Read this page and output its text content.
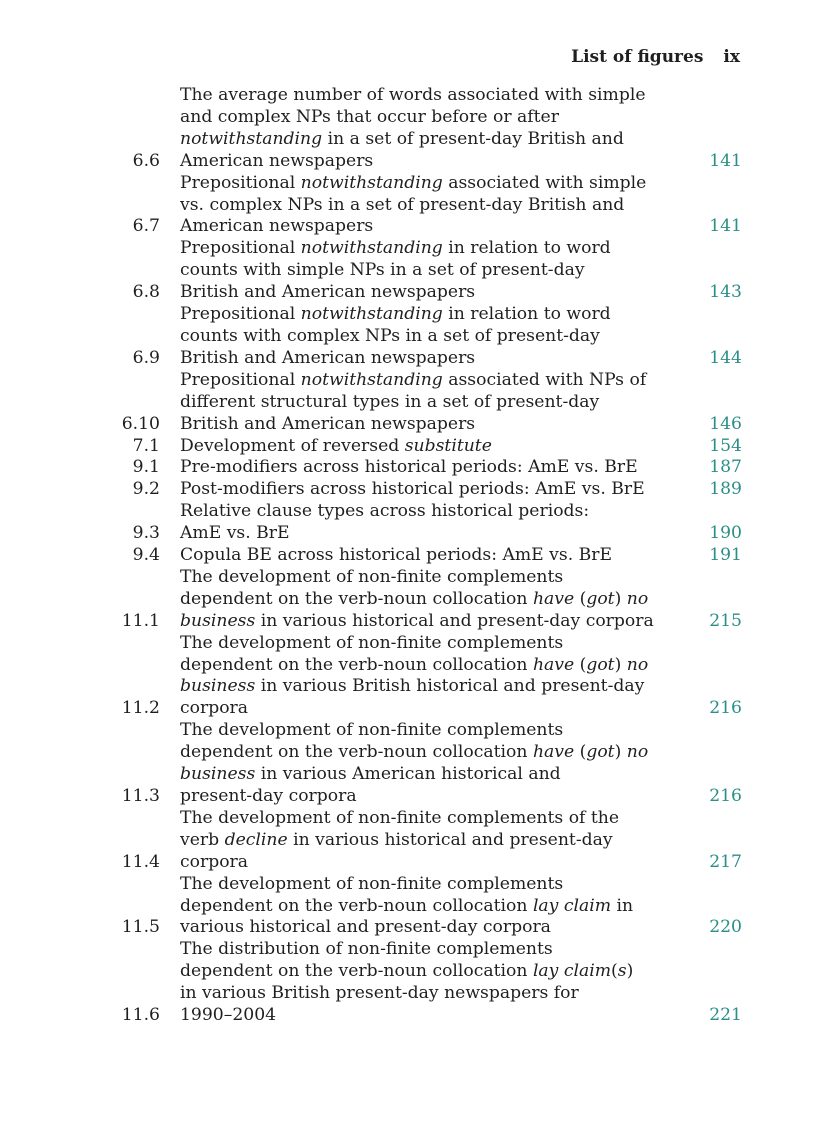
List of figures ix
6.6
The average number of words associated with simple
and complex NPs that occur before or after
notwithstanding in a set of present-day British and
American newspapers	141
6.7
Prepositional notwithstanding associated with simple
vs. complex NPs in a set of present-day British and
American newspapers	141
6.8
Prepositional notwithstanding in relation to word
counts with simple NPs in a set of present-day
British and American newspapers	143
6.9
Prepositional notwithstanding in relation to word
counts with complex NPs in a set of present-day
British and American newspapers	144
6.10
Prepositional notwithstanding associated with NPs of
different structural types in a set of present-day
British and American newspapers	146
7.1 Development of reversed substitute	154
9.1 Pre-modifiers across historical periods: AmE vs. BrE	187
9.2 Post-modifiers across historical periods: AmE vs. BrE	189
9.3
Relative clause types across historical periods:
AmE vs. BrE	190
9.4 Copula BE across historical periods: AmE vs. BrE	191
11.1
The development of non-finite complements
dependent on the verb-noun collocation have (got) no
business in various historical and present-day corpora	215
11.2
The development of non-finite complements
dependent on the verb-noun collocation have (got) no
business in various British historical and present-day
corpora	216
11.3
The development of non-finite complements
dependent on the verb-noun collocation have (got) no
business in various American historical and
present-day corpora	216
11.4
The development of non-finite complements of the
verb decline in various historical and present-day
corpora	217
11.5
The development of non-finite complements
dependent on the verb-noun collocation lay claim in
various historical and present-day corpora	220
11.6
The distribution of non-finite complements
dependent on the verb-noun collocation lay claim(s)
in various British present-day newspapers for
1990–2004	221
